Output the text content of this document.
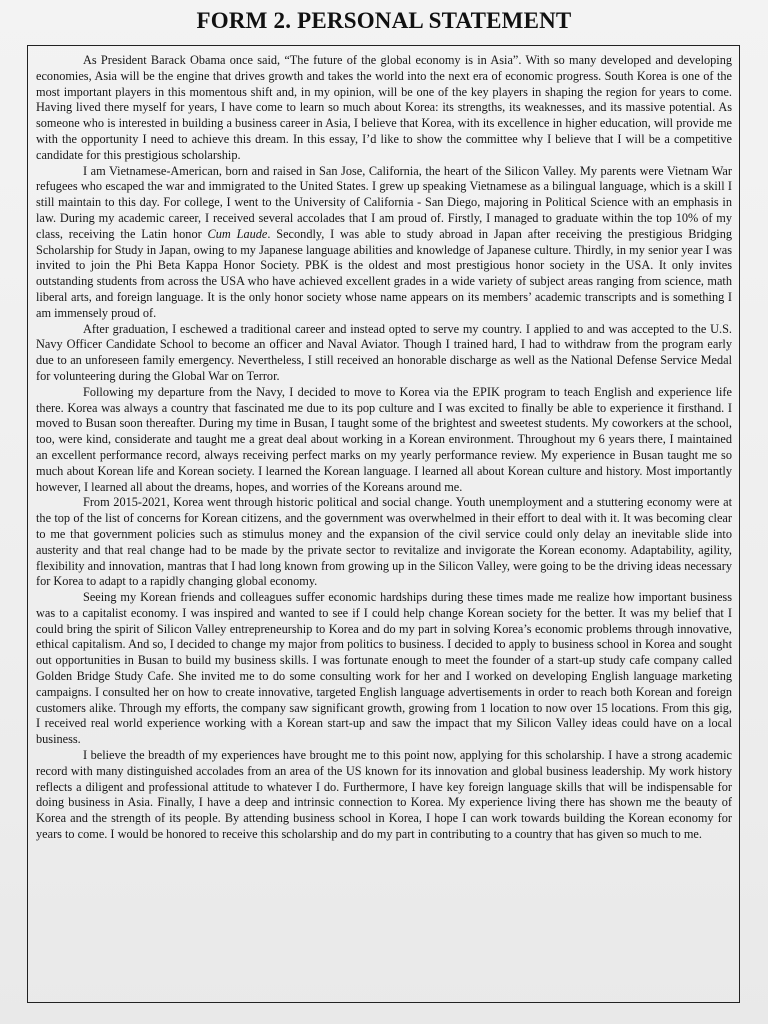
FORM 2. PERSONAL STATEMENT

As President Barack Obama once said, “The future of the global economy is in Asia”. With so many developed and developing economies, Asia will be the engine that drives growth and takes the world into the next era of economic progress. South Korea is one of the most important players in this momentous shift and, in my opinion, will be one of the key players in shaping the region for years to come. Having lived there myself for years, I have come to learn so much about Korea: its strengths, its weaknesses, and its massive potential. As someone who is interested in building a business career in Asia, I believe that Korea, with its excellence in higher education, will provide me with the opportunity I need to achieve this dream. In this essay, I’d like to show the committee why I believe that I will be a competitive candidate for this prestigious scholarship.

I am Vietnamese-American, born and raised in San Jose, California, the heart of the Silicon Valley. My parents were Vietnam War refugees who escaped the war and immigrated to the United States. I grew up speaking Vietnamese as a bilingual language, which is a skill I still maintain to this day. For college, I went to the University of California - San Diego, majoring in Political Science with an emphasis in law. During my academic career, I received several accolades that I am proud of. Firstly, I managed to graduate within the top 10% of my class, receiving the Latin honor Cum Laude. Secondly, I was able to study abroad in Japan after receiving the prestigious Bridging Scholarship for Study in Japan, owing to my Japanese language abilities and knowledge of Japanese culture. Thirdly, in my senior year I was invited to join the Phi Beta Kappa Honor Society. PBK is the oldest and most prestigious honor society in the USA. It only invites outstanding students from across the USA who have achieved excellent grades in a wide variety of subject areas ranging from science, math liberal arts, and foreign language. It is the only honor society whose name appears on its members’ academic transcripts and is something I am immensely proud of.

After graduation, I eschewed a traditional career and instead opted to serve my country. I applied to and was accepted to the U.S. Navy Officer Candidate School to become an officer and Naval Aviator. Though I trained hard, I had to withdraw from the program early due to an unforeseen family emergency. Nevertheless, I still received an honorable discharge as well as the National Defense Service Medal for volunteering during the Global War on Terror.

Following my departure from the Navy, I decided to move to Korea via the EPIK program to teach English and experience life there. Korea was always a country that fascinated me due to its pop culture and I was excited to finally be able to experience it firsthand. I moved to Busan soon thereafter. During my time in Busan, I taught some of the brightest and sweetest students. My coworkers at the school, too, were kind, considerate and taught me a great deal about working in a Korean environment. Throughout my 6 years there, I maintained an excellent performance record, always receiving perfect marks on my yearly performance review. My experience in Busan taught me so much about Korean life and Korean society. I learned the Korean language. I learned all about Korean culture and history. Most importantly however, I learned all about the dreams, hopes, and worries of the Koreans around me.

From 2015-2021, Korea went through historic political and social change. Youth unemployment and a stuttering economy were at the top of the list of concerns for Korean citizens, and the government was overwhelmed in their effort to deal with it. It was becoming clear to me that government policies such as stimulus money and the expansion of the civil service could only delay an inevitable slide into austerity and that real change had to be made by the private sector to revitalize and invigorate the Korean economy. Adaptability, agility, flexibility and innovation, mantras that I had long known from growing up in the Silicon Valley, were going to be the driving ideas necessary for Korea to adapt to a rapidly changing global economy.

Seeing my Korean friends and colleagues suffer economic hardships during these times made me realize how important business was to a capitalist economy. I was inspired and wanted to see if I could help change Korean society for the better. It was my belief that I could bring the spirit of Silicon Valley entrepreneurship to Korea and do my part in solving Korea’s economic problems through innovative, ethical capitalism. And so, I decided to change my major from politics to business. I decided to apply to business school in Korea and sought out opportunities in Busan to build my business skills. I was fortunate enough to meet the founder of a start-up study cafe company called Golden Bridge Study Cafe. She invited me to do some consulting work for her and I worked on developing English language marketing campaigns. I consulted her on how to create innovative, targeted English language advertisements in order to reach both Korean and foreign customers alike. Through my efforts, the company saw significant growth, growing from 1 location to now over 15 locations. From this gig, I received real world experience working with a Korean start-up and saw the impact that my Silicon Valley ideas could have on a local business.

I believe the breadth of my experiences have brought me to this point now, applying for this scholarship. I have a strong academic record with many distinguished accolades from an area of the US known for its innovation and global business leadership. My work history reflects a diligent and professional attitude to whatever I do. Furthermore, I have key foreign language skills that will be indispensable for doing business in Asia. Finally, I have a deep and intrinsic connection to Korea. My experience living there has shown me the beauty of Korea and the strength of its people. By attending business school in Korea, I hope I can work towards building the Korean economy for years to come. I would be honored to receive this scholarship and do my part in contributing to a country that has given so much to me.
